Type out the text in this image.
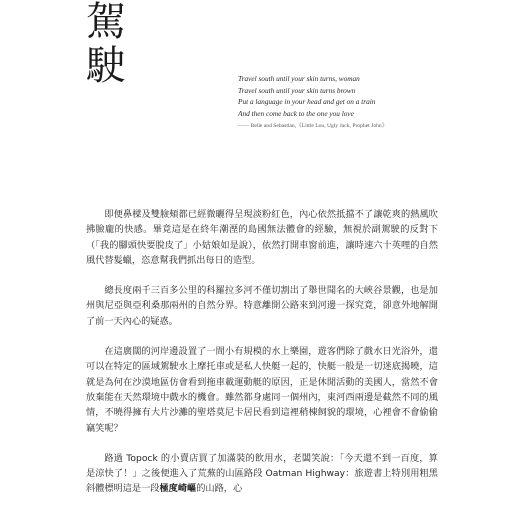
駕
駛	Travel south until your skin turns, woman
Travel south until your skin turns brown
Put a language in your head and get on a train
And then come back to the one you love
—— Belle and Sebastian,《Little Lou, Ugly Jack, Prophet John》

即便鼻樑及雙臉頰都已經微曬得呈現淡粉紅色，內心依然抵擋不了讓乾爽的熱風吹拂臉龐的快感。畢竟這是在終年潮溼的島國無法體會的經驗，無視於副駕駛的反對下（「我的腳頭快要脫皮了」小姑娘如是說），依然打開車窗前進，讓時速六十英哩的自然風代替髮蠟，恣意幫我們抓出每日的造型。

總長度兩千三百多公里的科羅拉多河不僅切割出了舉世聞名的大峽谷景觀，也是加州與尼亞與亞利桑那兩州的自然分界。特意離開公路來到河邊一探究竟，卻意外地解開了前一天內心的疑惑。

在這廣闊的河岸邊設置了一間小有規模的水上樂園，遊客們除了戲水日光浴外，還可以在特定的區域駕駛水上摩托車或是私人快艇一起的，快艇一般是一切迷底揭曉，這就是為何在沙漠地區仿會看到拖車載運動艇的原因，正是休閒活動的美國人，當然不會放棄能在天然環境中戲水的機會。雖然都身處同一個州內，東河西兩邊是截然不同的風情，不曉得擁有大片沙灘的聖塔莫尼卡居民看到這裡稍棟飼貌的環境，心裡會不會偷偷竊笑呢？

路過 Topock 的小賣店買了加滿裝的飲用水，老闆笑說：「今天還不到一百度，算是涼快了！」之後便進入了荒蕪的山區路段 Oatman Highway：旅遊書上特別用粗黑斜體標明這是一段極度崎嶇的山路，心
